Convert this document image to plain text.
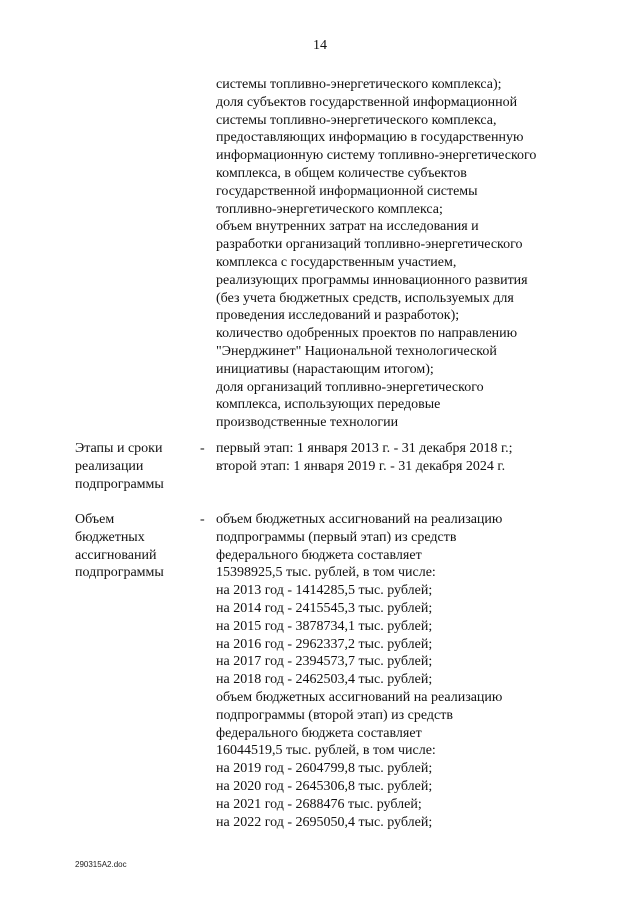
14
системы топливно-энергетического комплекса);
доля субъектов государственной информационной
системы топливно-энергетического комплекса,
предоставляющих информацию в государственную
информационную систему топливно-энергетического
комплекса, в общем количестве субъектов
государственной информационной системы
топливно-энергетического комплекса;
объем внутренних затрат на исследования и
разработки организаций топливно-энергетического
комплекса с государственным участием,
реализующих программы инновационного развития
(без учета бюджетных средств, используемых для
проведения исследований и разработок);
количество одобренных проектов по направлению
"Энерджинет" Национальной технологической
инициативы (нарастающим итогом);
доля организаций топливно-энергетического
комплекса, использующих передовые
производственные технологии
Этапы и сроки
реализации
подпрограммы
- первый этап: 1 января 2013 г. - 31 декабря 2018 г.;
второй этап: 1 января 2019 г. - 31 декабря 2024 г.
Объем
бюджетных
ассигнований
подпрограммы
- объем бюджетных ассигнований на реализацию
подпрограммы (первый этап) из средств
федерального бюджета составляет
15398925,5 тыс. рублей, в том числе:
на 2013 год - 1414285,5 тыс. рублей;
на 2014 год - 2415545,3 тыс. рублей;
на 2015 год - 3878734,1 тыс. рублей;
на 2016 год - 2962337,2 тыс. рублей;
на 2017 год - 2394573,7 тыс. рублей;
на 2018 год - 2462503,4 тыс. рублей;
объем бюджетных ассигнований на реализацию
подпрограммы (второй этап) из средств
федерального бюджета составляет
16044519,5 тыс. рублей, в том числе:
на 2019 год - 2604799,8 тыс. рублей;
на 2020 год - 2645306,8 тыс. рублей;
на 2021 год - 2688476 тыс. рублей;
на 2022 год - 2695050,4 тыс. рублей;
290315A2.doc
